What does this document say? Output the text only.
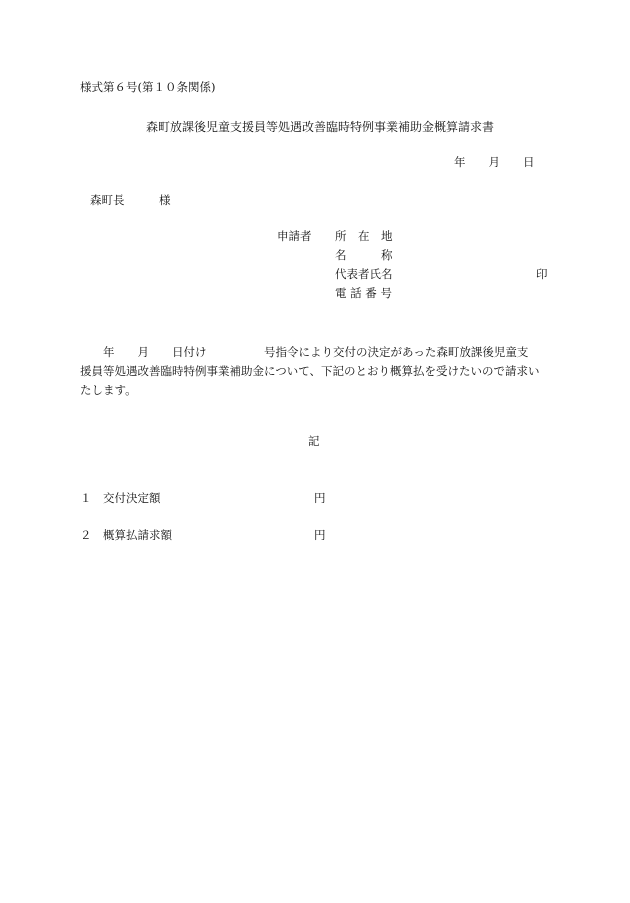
様式第６号(第１０条関係)
森町放課後児童支援員等処遇改善臨時特例事業補助金概算請求書
年　　月　　日
森町長　　　様
申請者 所　在　地
名　　　称
代表者氏名	印
電 話 番 号
　　年　　月　　日付け　　　　　号指令により交付の決定があった森町放課後児童支
援員等処遇改善臨時特例事業補助金について、下記のとおり概算払を受けたいので請求い
たします。
記
１　交付決定額	円
２　概算払請求額	円
